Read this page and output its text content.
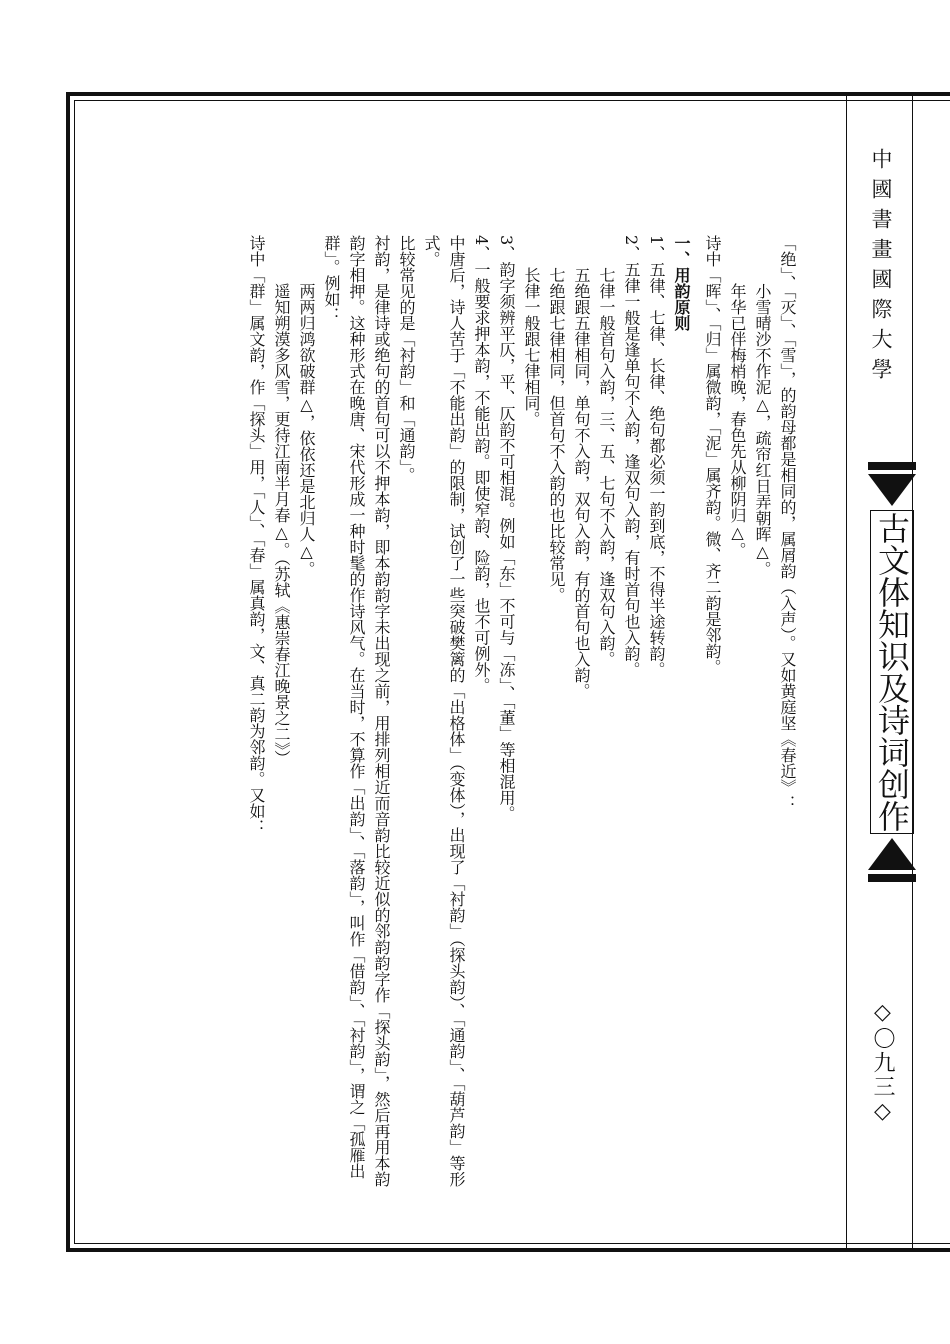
中國書畫國際大學
古文体知识及诗词创作
◇〇九三◇

「绝」、「灭」、「雪」，的韵母都是相同的，属屑韵（入声）。又如黄庭坚《春近》：

小雪晴沙不作泥△，疏帘红日弄朝晖△。

年华已伴梅梢晚，春色先从柳阴归△。

诗中「晖」、「归」属微韵，「泥」属齐韵。微、齐二韵是邻韵。

一、用韵原则

1、五律、七律、长律、绝句都必须一韵到底，不得半途转韵。

2、五律一般是逢单句不入韵，逢双句入韵，有时首句也入韵。

七律一般首句入韵，三、五、七句不入韵，逢双句入韵。

五绝跟五律相同，单句不入韵，双句入韵，有的首句也入韵。

七绝跟七律相同，但首句不入韵的也比较常见。

长律一般跟七律相同。

3、韵字须辨平仄，平、仄韵不可相混。例如「东」不可与「冻」、「董」等相混用。

4、一般要求押本韵，不能出韵。即使窄韵、险韵，也不可例外。

中唐后，诗人苦于「不能出韵」的限制，试创了一些突破樊篱的「出格体」（变体），出现了「衬韵」（探头韵）、「通韵」、「葫芦韵」等形式。

比较常见的是「衬韵」和「通韵」。

衬韵，是律诗或绝句的首句可以不押本韵，即本韵韵字未出现之前，用排列相近而音韵比较近似的邻韵韵字作「探头韵」，然后再用本韵韵字相押。这种形式在晚唐、宋代形成一种时髦的作诗风气。在当时，不算作「出韵」、「落韵」，叫作「借韵」、「衬韵」，谓之「孤雁出群」。例如：

两两归鸿欲破群△，依依还是北归人△。

遥知朔漠多风雪，更待江南半月春△。（苏轼《惠崇春江晚景之二》）

诗中「群」属文韵，作「探头」用，「人」、「春」属真韵，文、真二韵为邻韵。又如：
